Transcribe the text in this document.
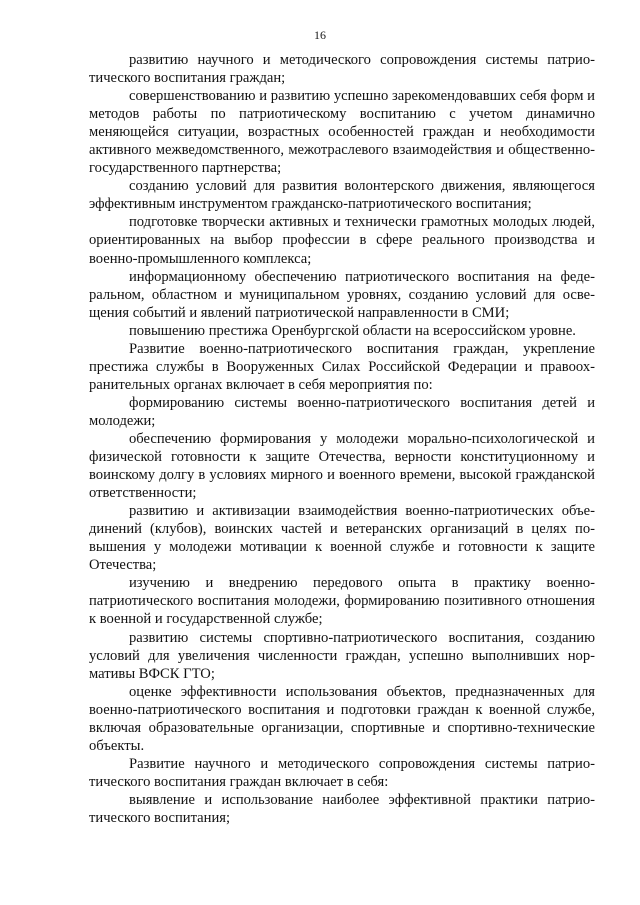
16

развитию научного и методического сопровождения системы патриотического воспитания граждан;

совершенствованию и развитию успешно зарекомендовавших себя форм и методов работы по патриотическому воспитанию с учетом динамично меняющейся ситуации, возрастных особенностей граждан и необходимости активного межведомственного, межотраслевого взаимодействия и общественно-государственного партнерства;

созданию условий для развития волонтерского движения, являющегося эффективным инструментом гражданско-патриотического воспитания;

подготовке творчески активных и технически грамотных молодых людей, ориентированных на выбор профессии в сфере реального производства и военно-промышленного комплекса;

информационному обеспечению патриотического воспитания на федеральном, областном и муниципальном уровнях, созданию условий для освещения событий и явлений патриотической направленности в СМИ;

повышению престижа Оренбургской области на всероссийском уровне.

Развитие военно-патриотического воспитания граждан, укрепление престижа службы в Вооруженных Силах Российской Федерации и правоохранительных органах включает в себя мероприятия по:

формированию системы военно-патриотического воспитания детей и молодежи;

обеспечению формирования у молодежи морально-психологической и физической готовности к защите Отечества, верности конституционному и воинскому долгу в условиях мирного и военного времени, высокой гражданской ответственности;

развитию и активизации взаимодействия военно-патриотических объединений (клубов), воинских частей и ветеранских организаций в целях повышения у молодежи мотивации к военной службе и готовности к защите Отечества;

изучению и внедрению передового опыта в практику военно-патриотического воспитания молодежи, формированию позитивного отношения к военной и государственной службе;

развитию системы спортивно-патриотического воспитания, созданию условий для увеличения численности граждан, успешно выполнивших нормативы ВФСК ГТО;

оценке эффективности использования объектов, предназначенных для военно-патриотического воспитания и подготовки граждан к военной службе, включая образовательные организации, спортивные и спортивно-технические объекты.

Развитие научного и методического сопровождения системы патриотического воспитания граждан включает в себя:

выявление и использование наиболее эффективной практики патриотического воспитания;
